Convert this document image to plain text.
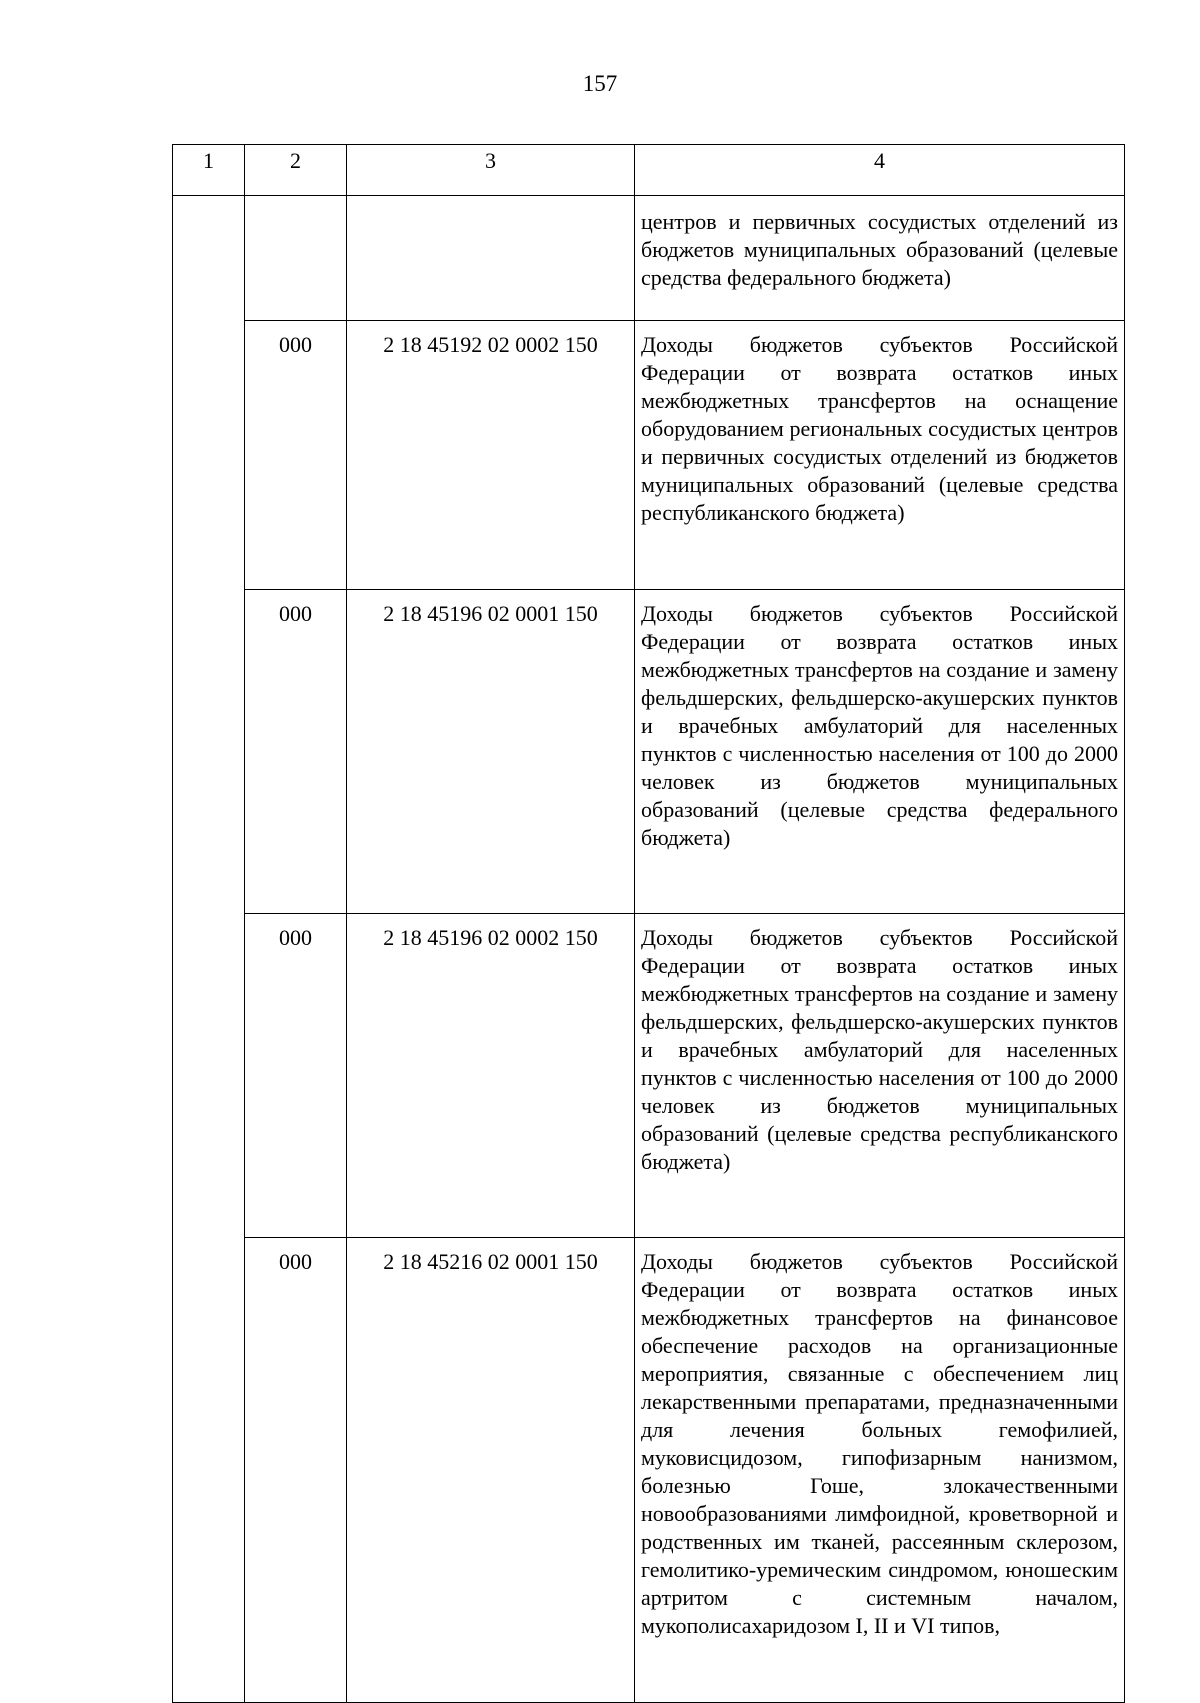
157
1	2	3	4
			центров и первичных сосудистых отделений из бюджетов муниципальных образований (целевые средства федерального бюджета)
	000	2 18 45192 02 0002 150	Доходы бюджетов субъектов Российской Федерации от возврата остатков иных межбюджетных трансфертов на оснащение оборудованием региональных сосудистых центров и первичных сосудистых отделений из бюджетов муниципальных образований (целевые средства республиканского бюджета)
	000	2 18 45196 02 0001 150	Доходы бюджетов субъектов Российской Федерации от возврата остатков иных межбюджетных трансфертов на создание и замену фельдшерских, фельдшерско-акушерских пунктов и врачебных амбулаторий для населенных пунктов с численностью населения от 100 до 2000 человек из бюджетов муниципальных образований (целевые средства федерального бюджета)
	000	2 18 45196 02 0002 150	Доходы бюджетов субъектов Российской Федерации от возврата остатков иных межбюджетных трансфертов на создание и замену фельдшерских, фельдшерско-акушерских пунктов и врачебных амбулаторий для населенных пунктов с численностью населения от 100 до 2000 человек из бюджетов муниципальных образований (целевые средства республиканского бюджета)
	000	2 18 45216 02 0001 150	Доходы бюджетов субъектов Российской Федерации от возврата остатков иных межбюджетных трансфертов на финансовое обеспечение расходов на организационные мероприятия, связанные с обеспечением лиц лекарственными препаратами, предназначенными для лечения больных гемофилией, муковисцидозом, гипофизарным нанизмом, болезнью Гоше, злокачественными новообразованиями лимфоидной, кроветворной и родственных им тканей, рассеянным склерозом, гемолитико-уремическим синдромом, юношеским артритом с системным началом, мукополисахаридозом I, II и VI типов,
